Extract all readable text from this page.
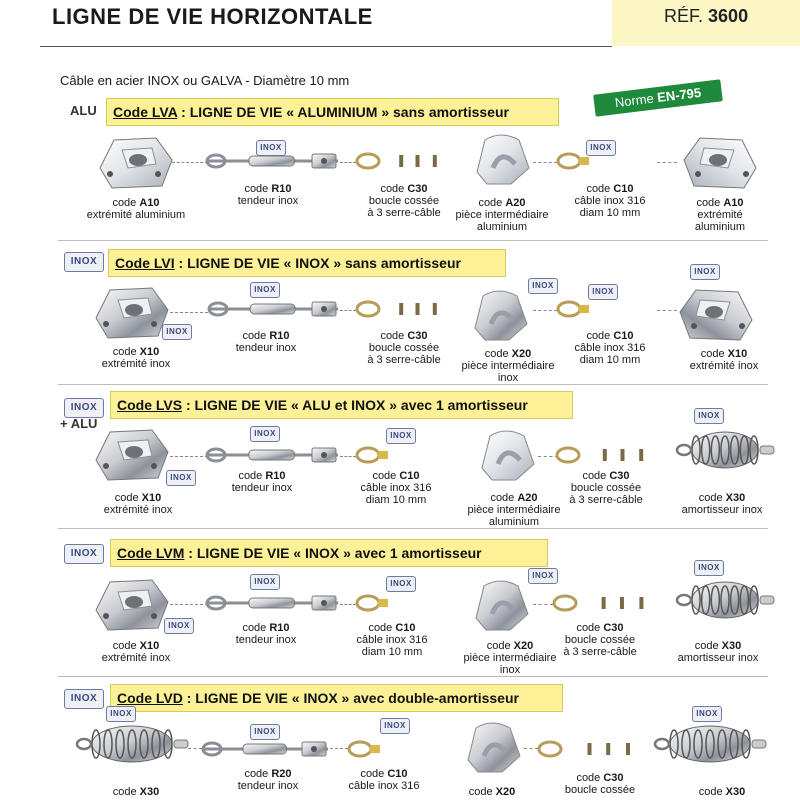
LIGNE DE VIE HORIZONTALE	RÉF. 3600
Câble en acier INOX ou GALVA - Diamètre 10 mm
Norme EN-795
ALU	Code LVA : LIGNE DE VIE « ALUMINIUM » sans amortisseur
INOX	Code LVI : LIGNE DE VIE « INOX » sans amortisseur
INOX
+ ALU
Code LVS : LIGNE DE VIE « ALU et INOX » avec 1 amortisseur
INOX	Code LVM : LIGNE DE VIE « INOX » avec 1 amortisseur
INOX	Code LVD : LIGNE DE VIE « INOX » avec double-amortisseur
INOX	INOX
code A10
extrémité aluminium
code R10
tendeur inox
code C30
boucle cossée
à 3 serre-câble
code A20
pièce intermédiaire
aluminium
code C10
câble inox 316
diam 10 mm
code A10
extrémité
aluminium
INOX
INOX	INOX
INOX
INOX
code X10
extrémité inox
code R10
tendeur inox
code C30
boucle cossée
à 3 serre-câble	code X20
pièce intermédiaire
inox
code C10
câble inox 316
diam 10 mm	code X10
extrémité inox
INOX
INOX	INOX
INOX
code X10
extrémité inox
code R10
tendeur inox
code C10
câble inox 316
diam 10 mm	code A20
pièce intermédiaire
aluminium
code C30
boucle cossée
à 3 serre-câble	code X30
amortisseur inox
INOX
INOX	INOX
INOX
INOX
code X10
extrémité inox
code R10
tendeur inox
code C10
câble inox 316
diam 10 mm	code X20
pièce intermédiaire
inox
code C30
boucle cossée
à 3 serre-câble	code X30
amortisseur inox
INOX
INOX
INOX
INOX
code X30
code R20
tendeur inox
code C10
câble inox 316	code X20
code C30
boucle cossée	code X30
